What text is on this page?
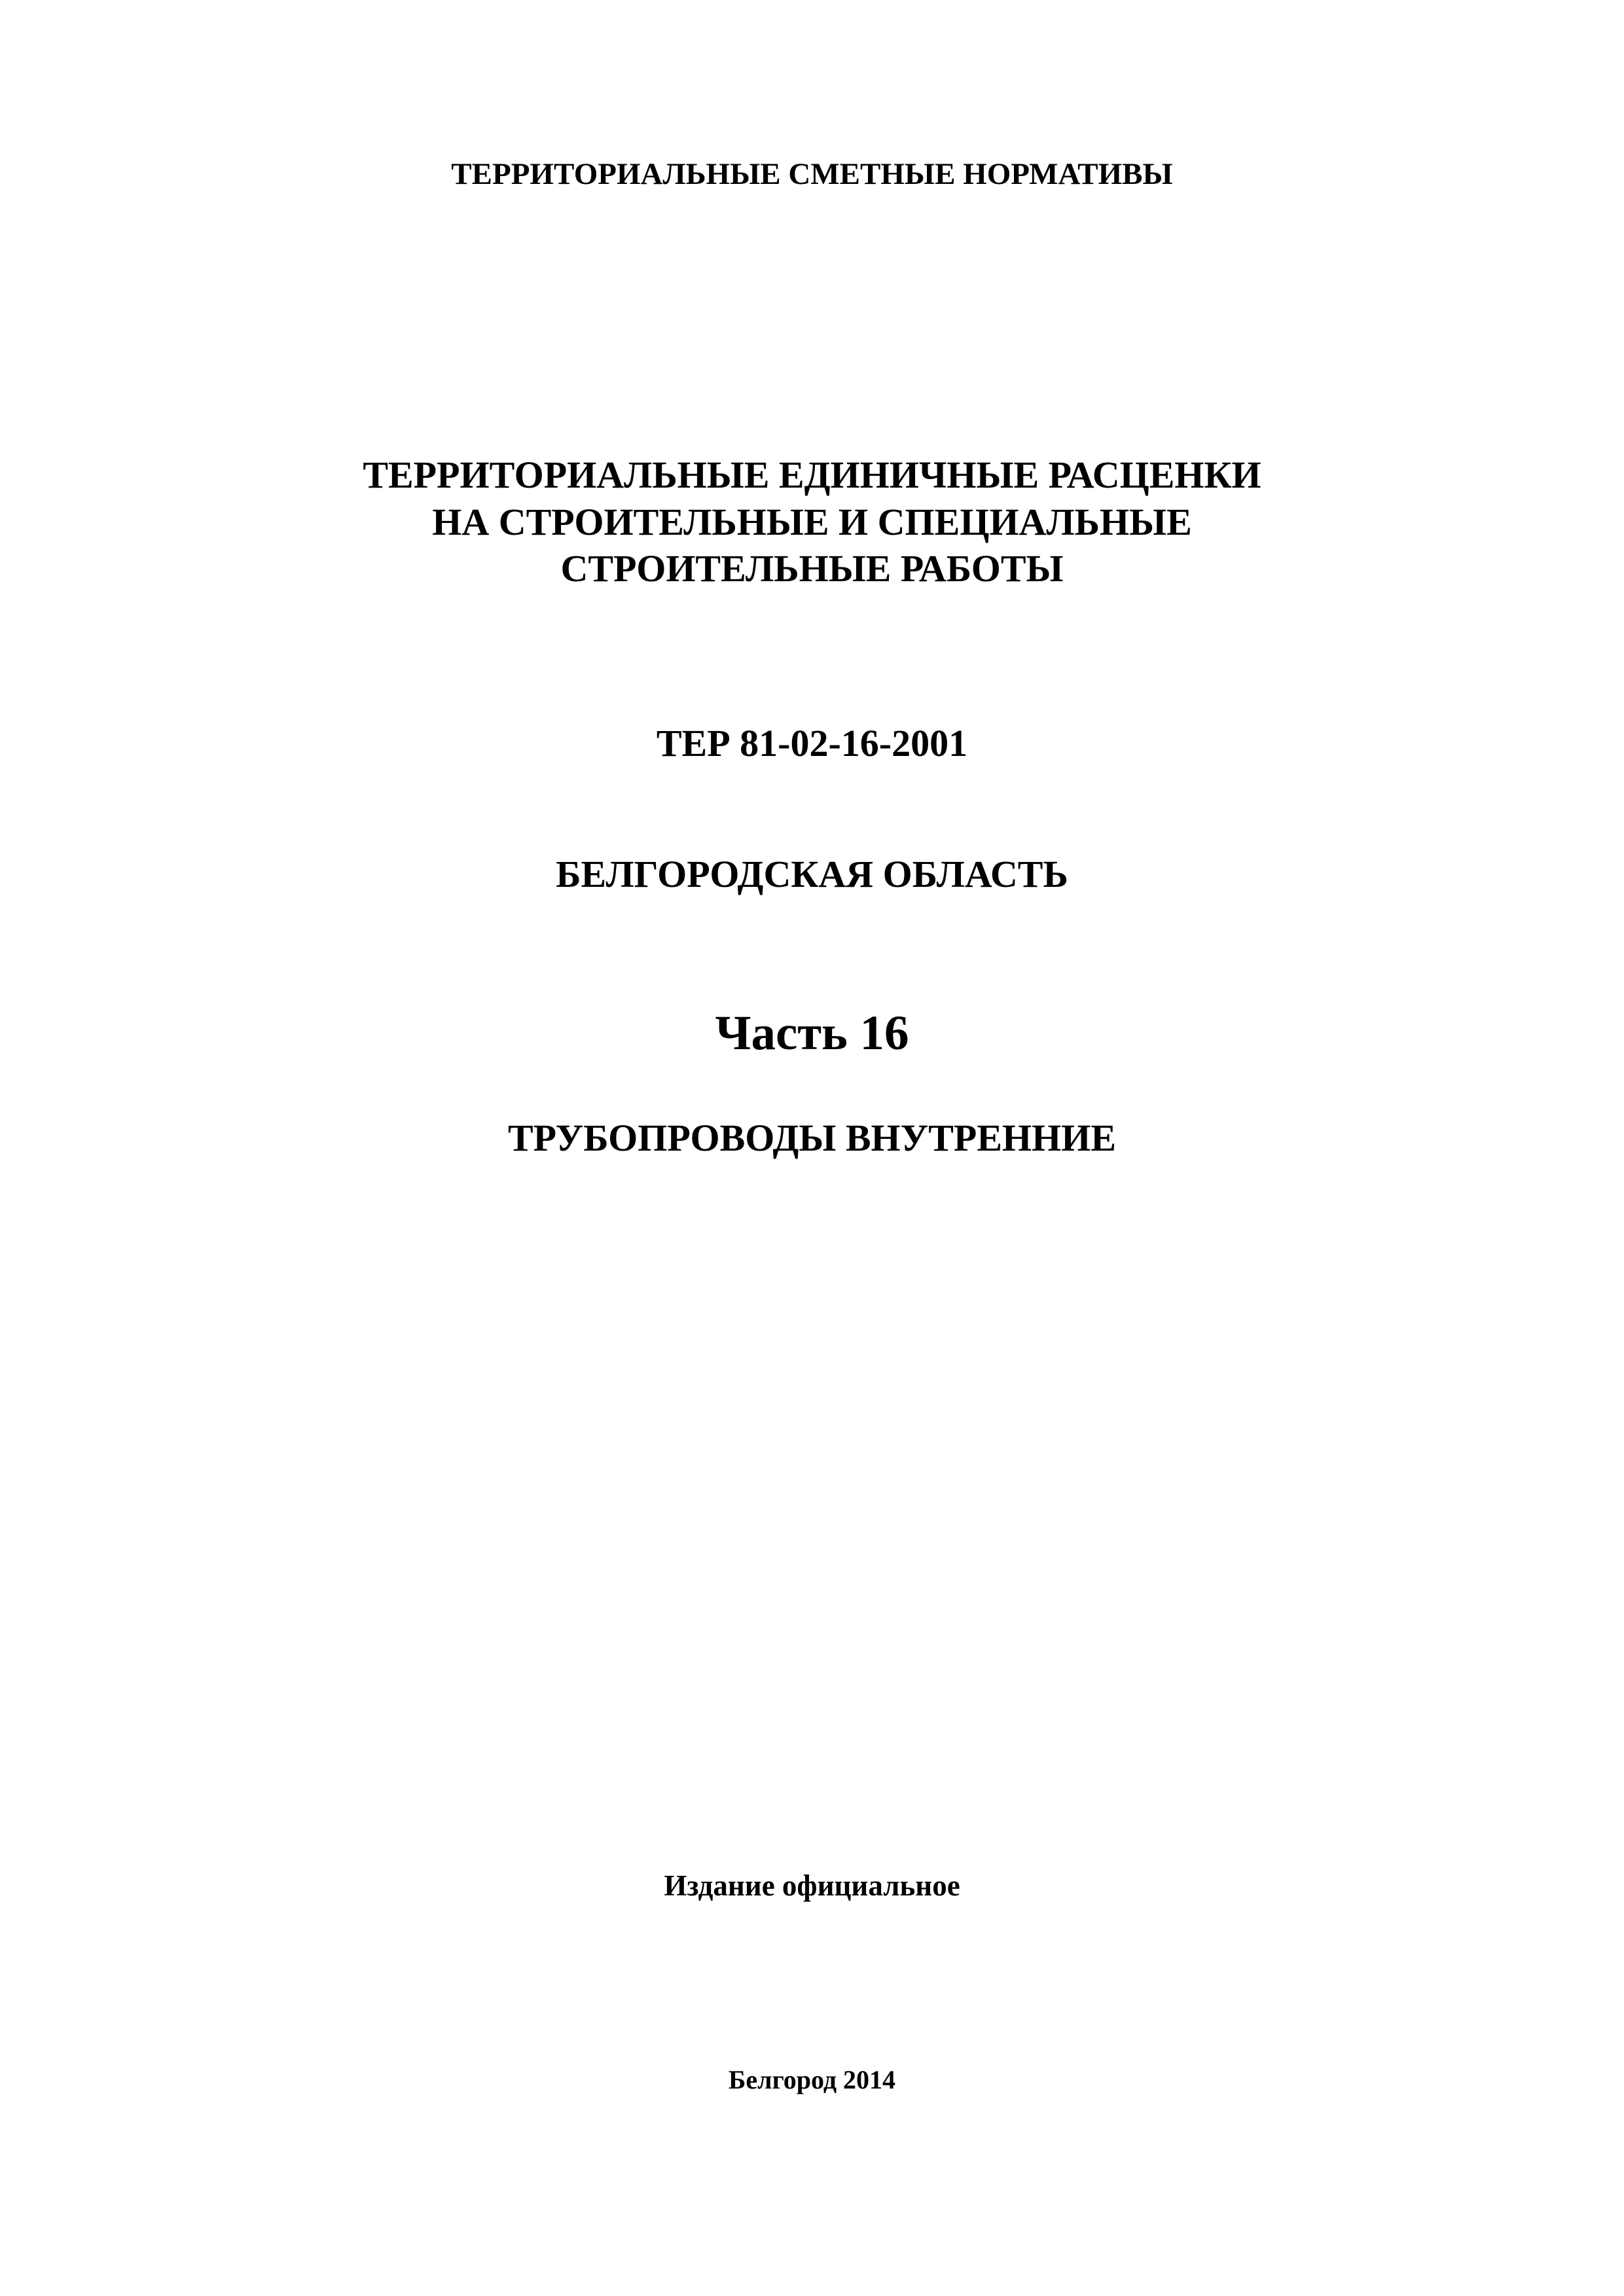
ТЕРРИТОРИАЛЬНЫЕ СМЕТНЫЕ НОРМАТИВЫ
ТЕРРИТОРИАЛЬНЫЕ ЕДИНИЧНЫЕ РАСЦЕНКИ
НА СТРОИТЕЛЬНЫЕ И СПЕЦИАЛЬНЫЕ
СТРОИТЕЛЬНЫЕ РАБОТЫ
ТЕР 81-02-16-2001
БЕЛГОРОДСКАЯ ОБЛАСТЬ
Часть 16
ТРУБОПРОВОДЫ ВНУТРЕННИЕ
Издание официальное
Белгород 2014
